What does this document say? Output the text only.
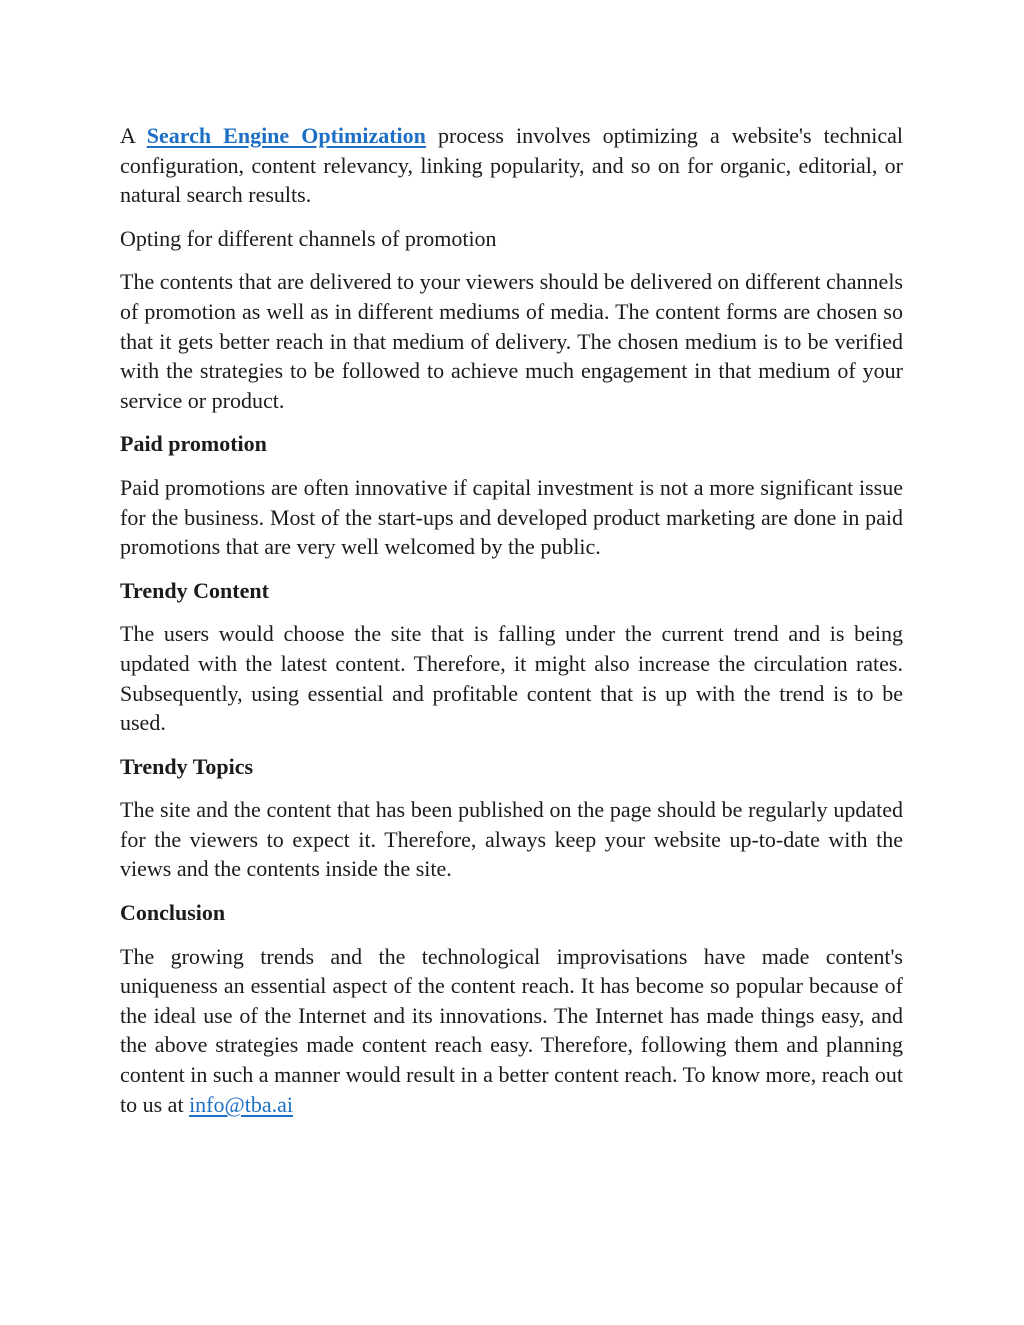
A Search Engine Optimization process involves optimizing a website's technical configuration, content relevancy, linking popularity, and so on for organic, editorial, or natural search results.

Opting for different channels of promotion

The contents that are delivered to your viewers should be delivered on different channels of promotion as well as in different mediums of media. The content forms are chosen so that it gets better reach in that medium of delivery. The chosen medium is to be verified with the strategies to be followed to achieve much engagement in that medium of your service or product.

Paid promotion

Paid promotions are often innovative if capital investment is not a more significant issue for the business. Most of the start-ups and developed product marketing are done in paid promotions that are very well welcomed by the public.

Trendy Content

The users would choose the site that is falling under the current trend and is being updated with the latest content. Therefore, it might also increase the circulation rates. Subsequently, using essential and profitable content that is up with the trend is to be used.

Trendy Topics

The site and the content that has been published on the page should be regularly updated for the viewers to expect it. Therefore, always keep your website up-to-date with the views and the contents inside the site.

Conclusion

The growing trends and the technological improvisations have made content's uniqueness an essential aspect of the content reach. It has become so popular because of the ideal use of the Internet and its innovations. The Internet has made things easy, and the above strategies made content reach easy. Therefore, following them and planning content in such a manner would result in a better content reach. To know more, reach out to us at info@tba.ai
